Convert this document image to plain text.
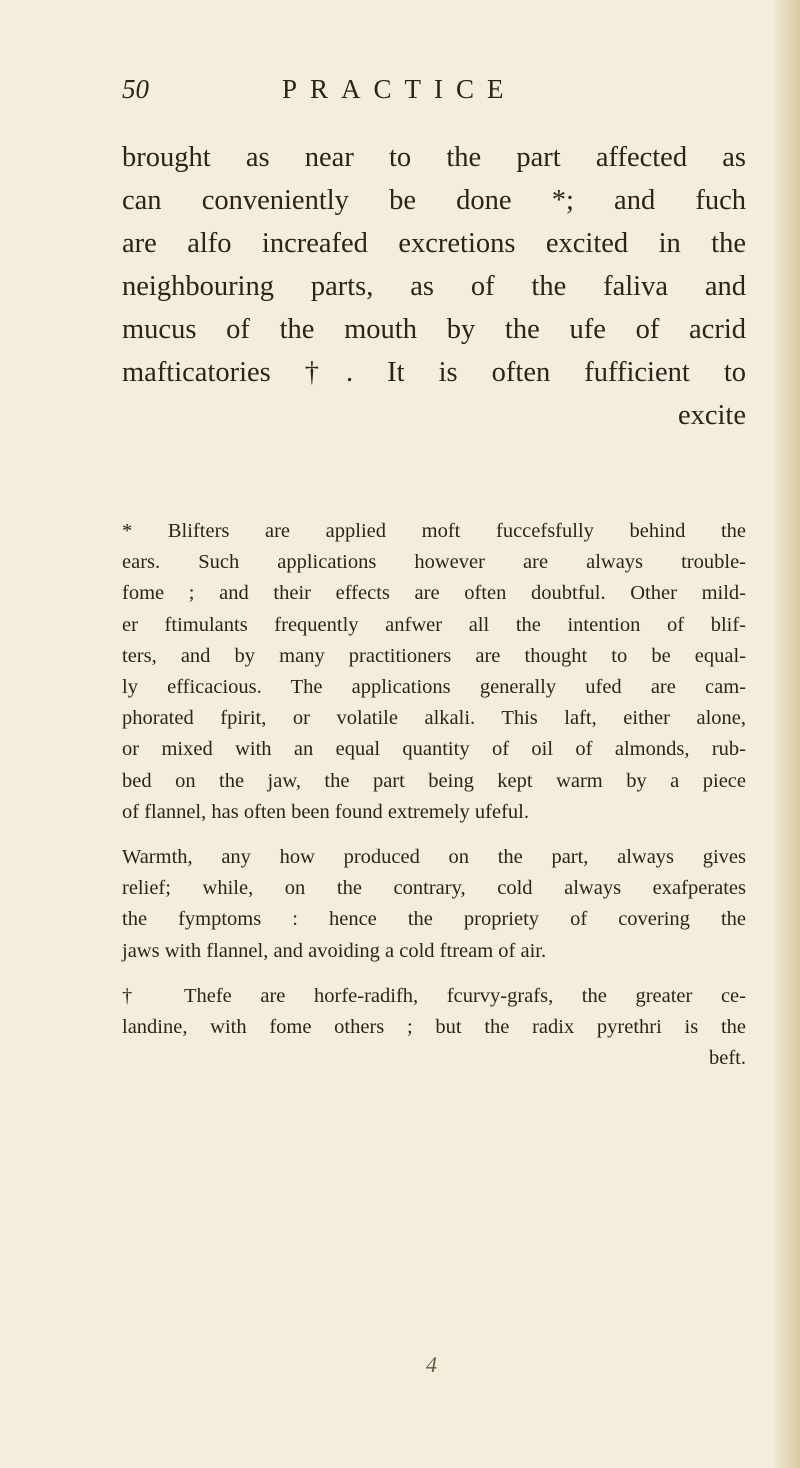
50	PRACTICE
brought as near to the part affected as
can conveniently be done *; and fuch
are alfo increafed excretions excited in the
neighbouring parts, as of the faliva and
mucus of the mouth by the ufe of acrid
mafticatories †. It is often fufficient to
excite
* Blifters are applied moft fuccefsfully behind the
ears. Such applications however are always trouble-
fome ; and their effects are often doubtful. Other mild-
er ftimulants frequently anfwer all the intention of blif-
ters, and by many practitioners are thought to be equal-
ly efficacious. The applications generally ufed are cam-
phorated fpirit, or volatile alkali. This laft, either alone,
or mixed with an equal quantity of oil of almonds, rub-
bed on the jaw, the part being kept warm by a piece
of flannel, has often been found extremely ufeful.
Warmth, any how produced on the part, always gives
relief; while, on the contrary, cold always exafperates
the fymptoms : hence the propriety of covering the
jaws with flannel, and avoiding a cold ftream of air.
† Thefe are horfe-radifh, fcurvy-grafs, the greater ce-
landine, with fome others ; but the radix pyrethri is the
beft.
4
